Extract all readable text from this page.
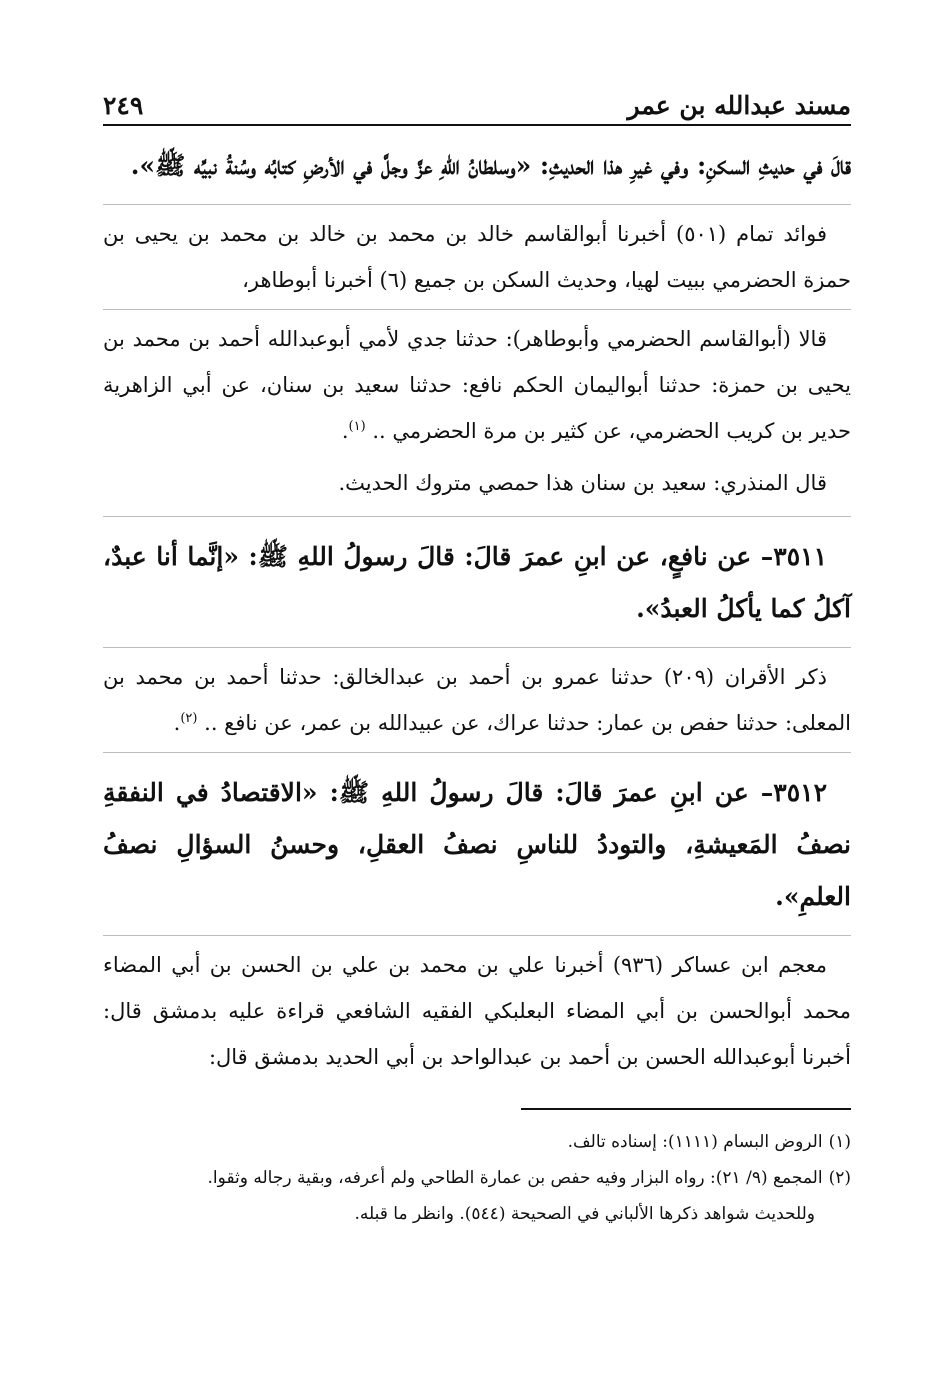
مسند عبدالله بن عمر
٢٤٩

قالَ في حديثِ السكنِ: وفي غيرِ هذا الحديثِ: «وسلطانُ اللهِ عزَّ وجلَّ في الأرضِ كتابُه وسُنةُ نبيِّه ﷺ».

فوائد تمام (٥٠١) أخبرنا أبوالقاسم خالد بن محمد بن خالد بن محمد بن يحيى بن حمزة الحضرمي ببيت لهيا، وحديث السكن بن جميع (٦) أخبرنا أبوطاهر،

قالا (أبوالقاسم الحضرمي وأبوطاهر): حدثنا جدي لأمي أبوعبدالله أحمد بن محمد بن يحيى بن حمزة: حدثنا أبواليمان الحكم نافع: حدثنا سعيد بن سنان، عن أبي الزاهرية حدير بن كريب الحضرمي، عن كثير بن مرة الحضرمي .. $^{(١)}$.

قال المنذري: سعيد بن سنان هذا حمصي متروك الحديث.

٣٥١١– عن نافعٍ، عن ابنِ عمرَ قالَ: قالَ رسولُ اللهِ ﷺ: «إنَّما أنا عبدٌ، آكلُ كما يأكلُ العبدُ».

ذكر الأقران (٢٠٩) حدثنا عمرو بن أحمد بن عبدالخالق: حدثنا أحمد بن محمد بن المعلى: حدثنا حفص بن عمار: حدثنا عراك، عن عبيدالله بن عمر، عن نافع .. $^{(٢)}$.

٣٥١٢– عن ابنِ عمرَ قالَ: قالَ رسولُ اللهِ ﷺ: «الاقتصادُ في النفقةِ نصفُ المَعيشةِ، والتوددُ للناسِ نصفُ العقلِ، وحسنُ السؤالِ نصفُ العلمِ».

معجم ابن عساكر (٩٣٦) أخبرنا علي بن محمد بن علي بن الحسن بن أبي المضاء محمد أبوالحسن بن أبي المضاء البعلبكي الفقيه الشافعي قراءة عليه بدمشق قال: أخبرنا أبوعبدالله الحسن بن أحمد بن عبدالواحد بن أبي الحديد بدمشق قال:

(١)الروض البسام (١١١١): إسناده تالف.

(٢)المجمع (٩/ ٢١): رواه البزار وفيه حفص بن عمارة الطاحي ولم أعرفه، وبقية رجاله وثقوا.

وللحديث شواهد ذكرها الألباني في الصحيحة (٥٤٤). وانظر ما قبله.
